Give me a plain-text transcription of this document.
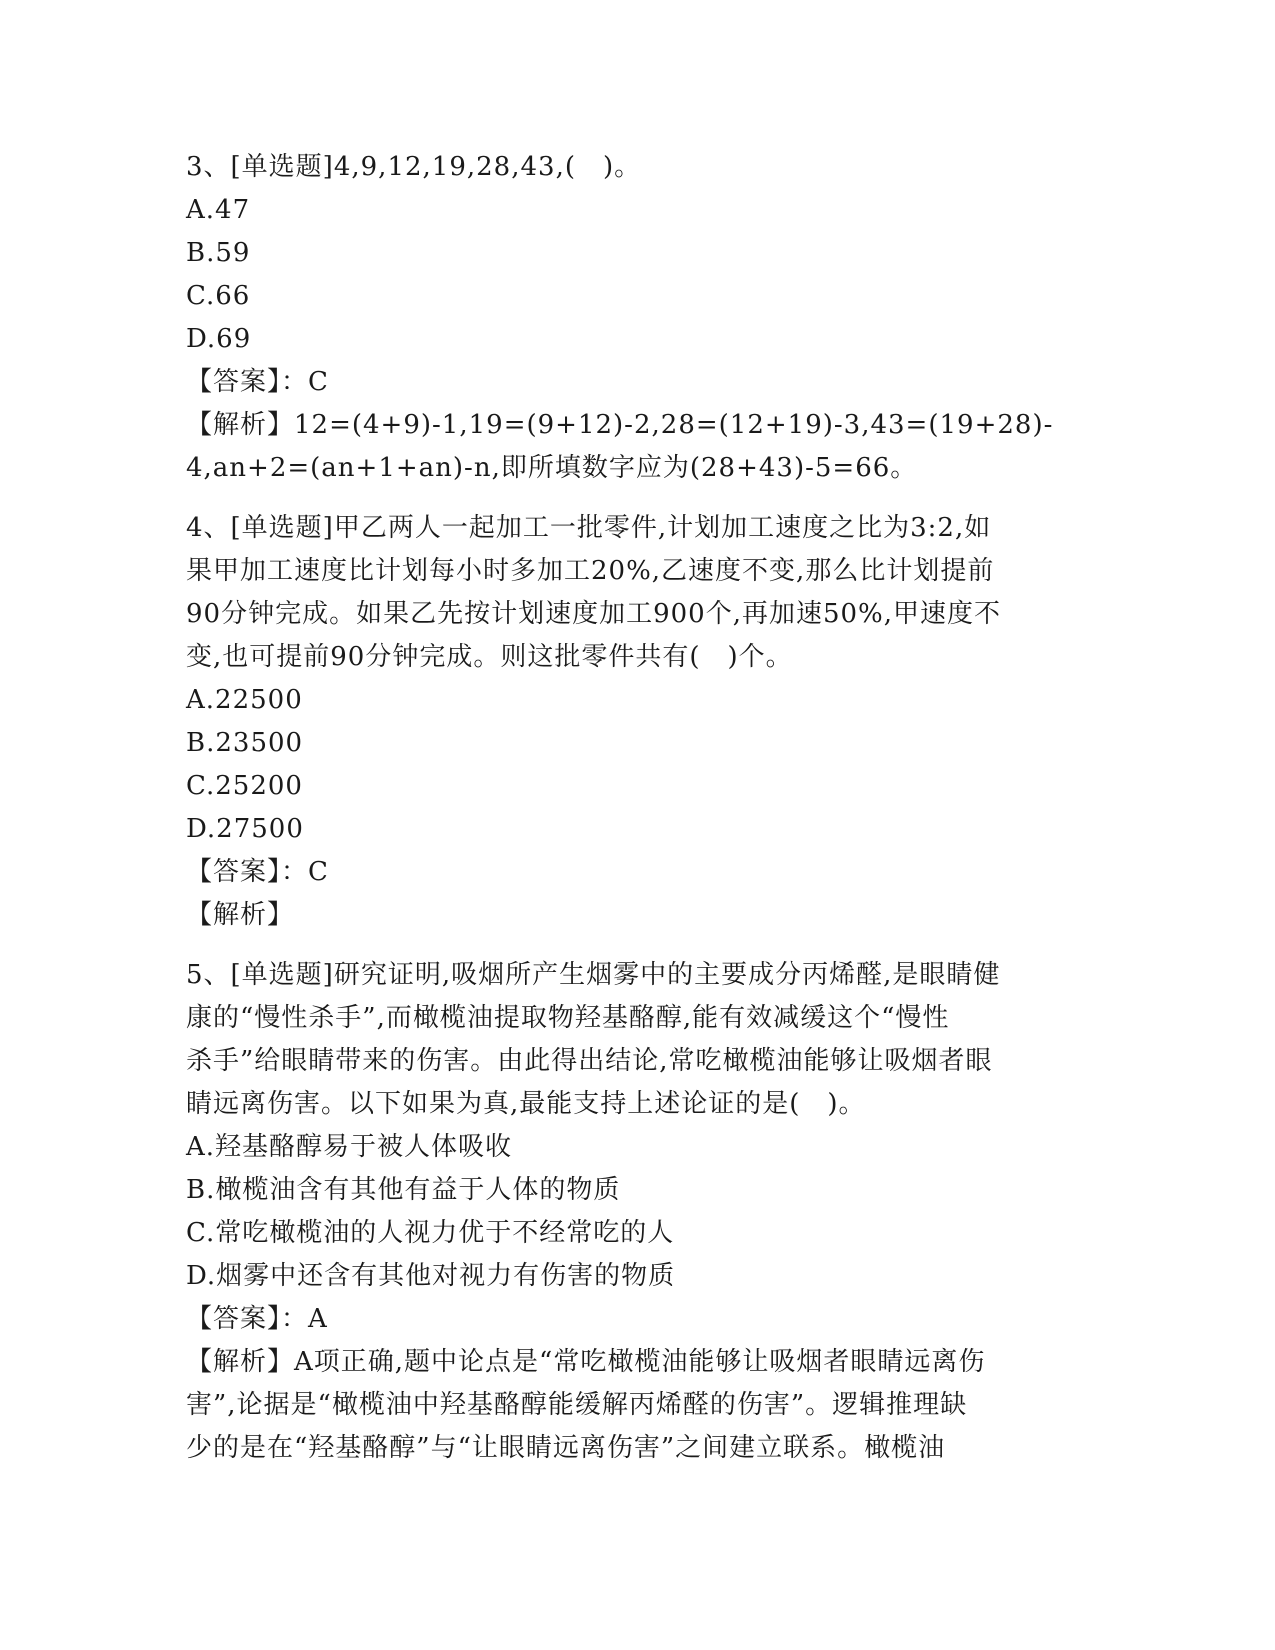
3、[单选题]4,9,12,19,28,43,(　)。
A.47
B.59
C.66
D.69
【答案】：C
【解析】12=(4+9)-1,19=(9+12)-2,28=(12+19)-3,43=(19+28)-
4,an+2=(an+1+an)-n,即所填数字应为(28+43)-5=66。
4、[单选题]甲乙两人一起加工一批零件,计划加工速度之比为3:2,如
果甲加工速度比计划每小时多加工20%,乙速度不变,那么比计划提前
90分钟完成。如果乙先按计划速度加工900个,再加速50%,甲速度不
变,也可提前90分钟完成。则这批零件共有(　)个。
A.22500
B.23500
C.25200
D.27500
【答案】：C
【解析】
5、[单选题]研究证明,吸烟所产生烟雾中的主要成分丙烯醛,是眼睛健
康的“慢性杀手”,而橄榄油提取物羟基酪醇,能有效减缓这个“慢性
杀手”给眼睛带来的伤害。由此得出结论,常吃橄榄油能够让吸烟者眼
睛远离伤害。以下如果为真,最能支持上述论证的是(　)。
A.羟基酪醇易于被人体吸收
B.橄榄油含有其他有益于人体的物质
C.常吃橄榄油的人视力优于不经常吃的人
D.烟雾中还含有其他对视力有伤害的物质
【答案】：A
【解析】A项正确,题中论点是“常吃橄榄油能够让吸烟者眼睛远离伤
害”,论据是“橄榄油中羟基酪醇能缓解丙烯醛的伤害”。逻辑推理缺
少的是在“羟基酪醇”与“让眼睛远离伤害”之间建立联系。橄榄油
